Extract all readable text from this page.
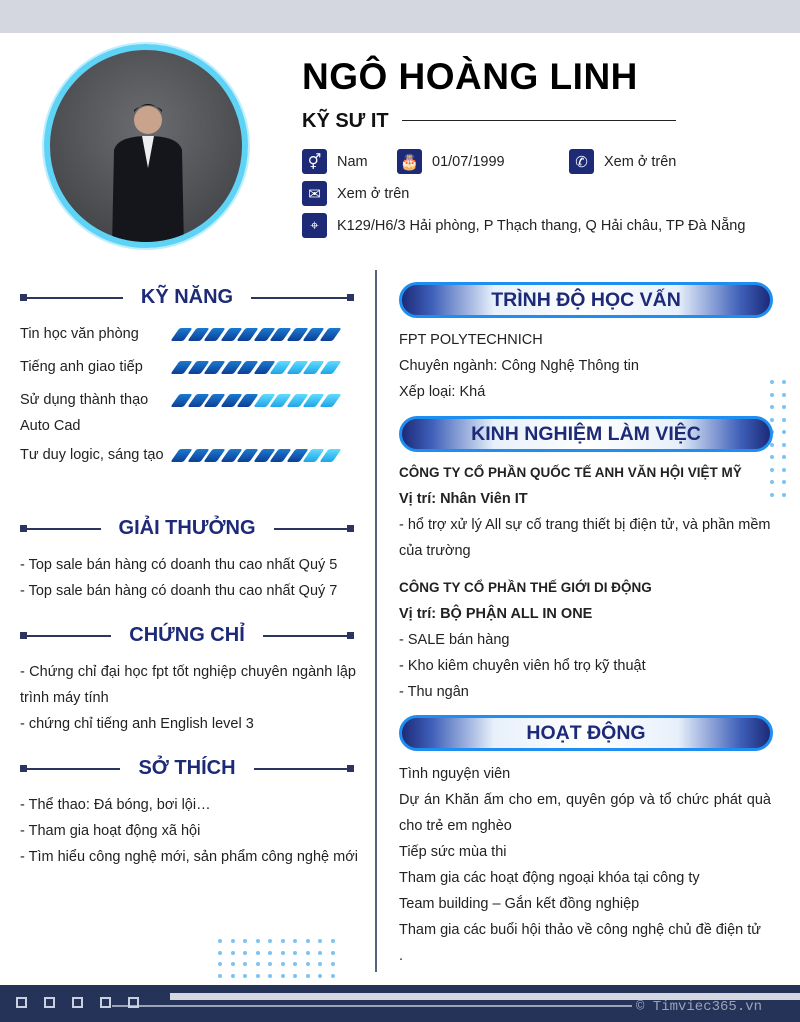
NGÔ HOÀNG LINH
KỸ SƯ IT
⚥	Nam 🎂 01/07/1999	✆	Xem ở trên
✉	Xem ở trên
⌖	K129/H6/3 Hải phòng, P Thạch thang, Q Hải châu, TP Đà Nẵng
KỸ NĂNG
Tin học văn phòng
Tiếng anh giao tiếp
Sử dụng thành thạo Auto Cad
Tư duy logic, sáng tạo
GIẢI THƯỞNG
- Top sale bán hàng có doanh thu cao nhất Quý 5
- Top sale bán hàng có doanh thu cao nhất Quý 7
CHỨNG CHỈ
- Chứng chỉ đại học fpt tốt nghiệp chuyên ngành lập trình máy tính
- chứng chỉ tiếng anh English level 3
SỞ THÍCH
- Thể thao: Đá bóng, bơi lội…
- Tham gia hoạt động xã hội
- Tìm hiểu công nghệ mới, sản phẩm công nghệ mới
TRÌNH ĐỘ HỌC VẤN
FPT POLYTECHNICH
Chuyên ngành: Công Nghệ Thông tin
Xếp loại: Khá
KINH NGHIỆM LÀM VIỆC
CÔNG TY CỔ PHẦN QUỐC TẾ ANH VĂN HỘI VIỆT MỸ
Vị trí: Nhân Viên IT
- hổ trợ xử lý All sự cố trang thiết bị điện tử, và phần mềm của trường
CÔNG TY CỔ PHẦN THẾ GIỚI DI ĐỘNG
Vị trí: BỘ PHẬN ALL IN ONE
- SALE bán hàng
- Kho kiêm chuyên viên hổ trọ kỹ thuật
- Thu ngân
HOẠT ĐỘNG
Tình nguyện viên
Dự án Khăn ấm cho em, quyên góp và tổ chức phát quà cho trẻ em nghèo
Tiếp sức mùa thi
Tham gia các hoạt động ngoại khóa tại công ty
Team building – Gắn kết đồng nghiệp
Tham gia các buổi hội thảo về công nghệ chủ đề điện tử
.
© Timviec365.vn
